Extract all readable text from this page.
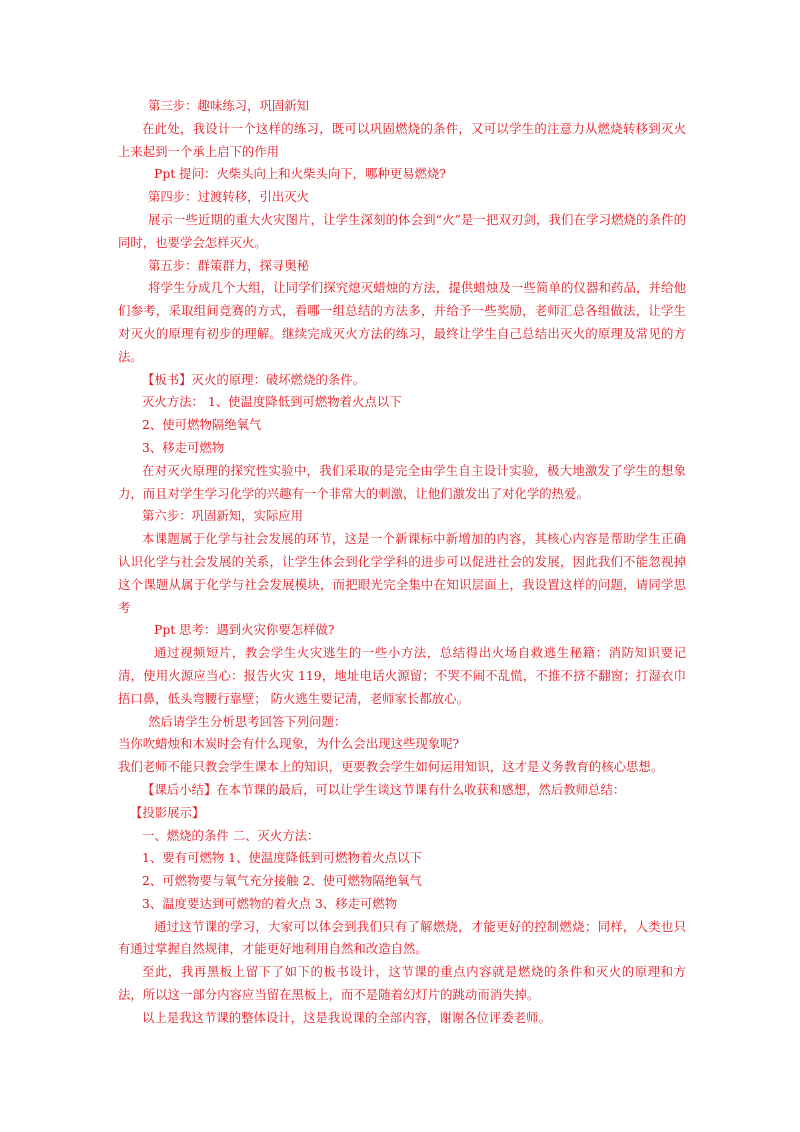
第三步：趣味练习，巩固新知

在此处，我设计一个这样的练习，既可以巩固燃烧的条件，又可以学生的注意力从燃烧转移到灭火上来起到一个承上启下的作用

Ppt 提问：火柴头向上和火柴头向下，哪种更易燃烧?

第四步：过渡转移，引出灭火

展示一些近期的重大火灾图片，让学生深刻的体会到“火”是一把双刃剑，我们在学习燃烧的条件的同时，也要学会怎样灭火。

第五步：群策群力，探寻奥秘

将学生分成几个大组，让同学们探究熄灭蜡烛的方法，提供蜡烛及一些简单的仪器和药品，并给他们参考，采取组间竞赛的方式，看哪一组总结的方法多，并给予一些奖励，老师汇总各组做法，让学生对灭火的原理有初步的理解。继续完成灭火方法的练习，最终让学生自己总结出灭火的原理及常见的方法。

【板书】灭火的原理：破坏燃烧的条件。

灭火方法： 1、使温度降低到可燃物着火点以下

2、使可燃物隔绝氧气

3、移走可燃物

在对灭火原理的探究性实验中，我们采取的是完全由学生自主设计实验，极大地激发了学生的想象力，而且对学生学习化学的兴趣有一个非常大的刺激，让他们激发出了对化学的热爱。

第六步：巩固新知，实际应用

本课题属于化学与社会发展的环节，这是一个新课标中新增加的内容，其核心内容是帮助学生正确认识化学与社会发展的关系，让学生体会到化学学科的进步可以促进社会的发展，因此我们不能忽视掉这个课题从属于化学与社会发展模块，而把眼光完全集中在知识层面上，我设置这样的问题，请同学思考

Ppt 思考：遇到火灾你要怎样做?

通过视频短片，教会学生火灾逃生的一些小方法，总结得出火场自救逃生秘籍：消防知识要记清，使用火源应当心：报告火灾 119，地址电话火源留；不哭不闹不乱慌，不推不挤不翻窗；打湿衣巾捂口鼻，低头弯腰行靠壁； 防火逃生要记清，老师家长都放心。

然后请学生分析思考回答下列问题：

当你吹蜡烛和木炭时会有什么现象，为什么会出现这些现象呢?

我们老师不能只教会学生课本上的知识，更要教会学生如何运用知识，这才是义务教育的核心思想。

【课后小结】在本节课的最后，可以让学生谈这节课有什么收获和感想，然后教师总结：

【投影展示】

一、燃烧的条件 二、灭火方法：

1、要有可燃物 1、使温度降低到可燃物着火点以下

2、可燃物要与氧气充分接触 2、使可燃物隔绝氧气

3、温度要达到可燃物的着火点 3、移走可燃物

通过这节课的学习，大家可以体会到我们只有了解燃烧，才能更好的控制燃烧；同样，人类也只有通过掌握自然规律，才能更好地利用自然和改造自然。

至此，我再黑板上留下了如下的板书设计，这节课的重点内容就是燃烧的条件和灭火的原理和方法，所以这一部分内容应当留在黑板上，而不是随着幻灯片的跳动而消失掉。

以上是我这节课的整体设计，这是我说课的全部内容，谢谢各位评委老师。
